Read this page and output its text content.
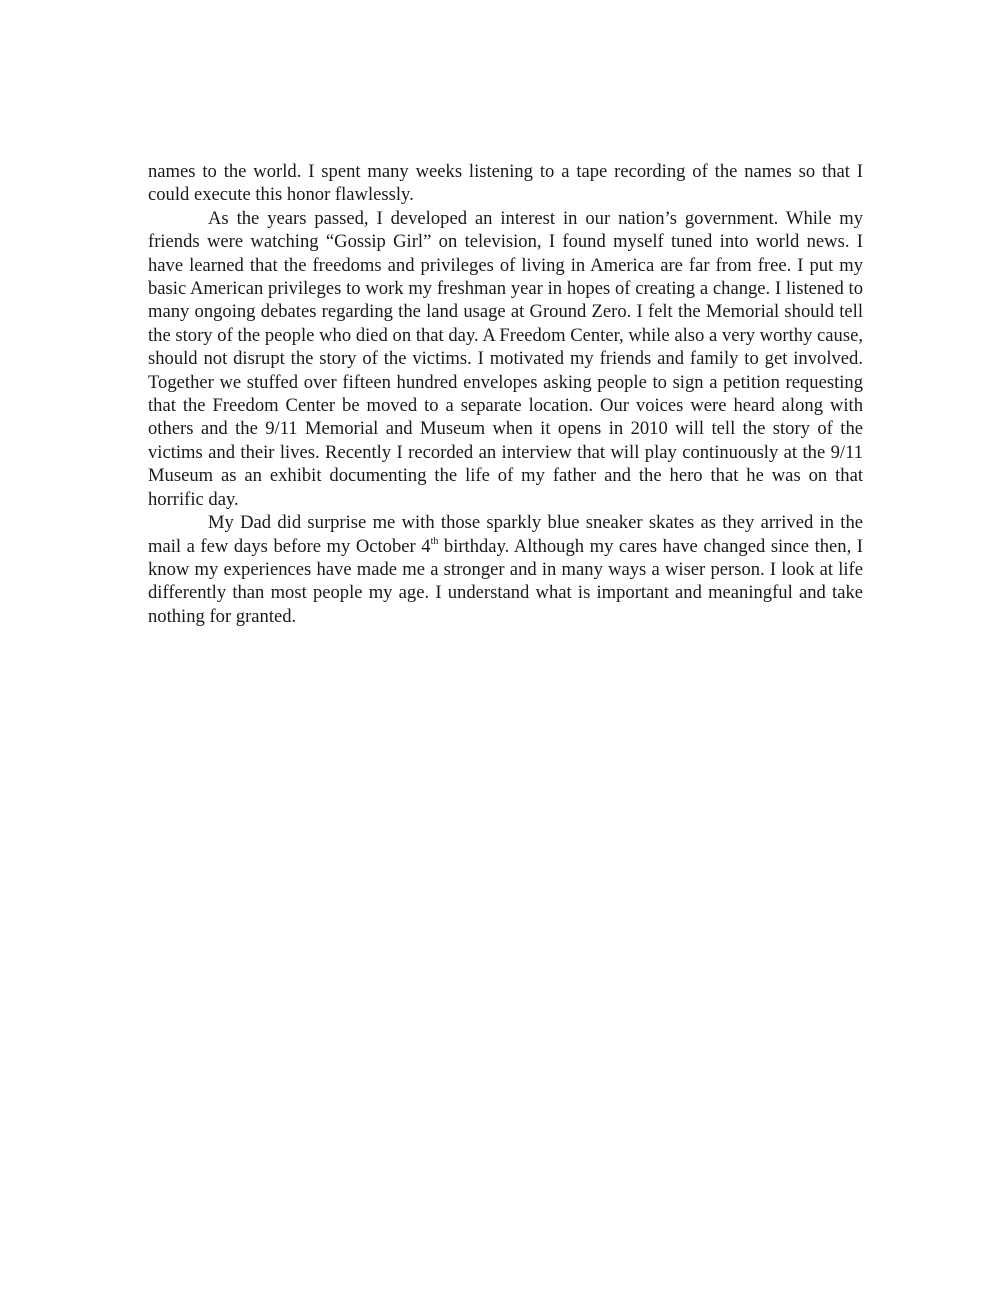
names to the world. I spent many weeks listening to a tape recording of the names so that I could execute this honor flawlessly.

As the years passed, I developed an interest in our nation’s government. While my friends were watching “Gossip Girl” on television, I found myself tuned into world news. I have learned that the freedoms and privileges of living in America are far from free. I put my basic American privileges to work my freshman year in hopes of creating a change. I listened to many ongoing debates regarding the land usage at Ground Zero. I felt the Memorial should tell the story of the people who died on that day. A Freedom Center, while also a very worthy cause, should not disrupt the story of the victims. I motivated my friends and family to get involved. Together we stuffed over fifteen hundred envelopes asking people to sign a petition requesting that the Freedom Center be moved to a separate location. Our voices were heard along with others and the 9/11 Memorial and Museum when it opens in 2010 will tell the story of the victims and their lives. Recently I recorded an interview that will play continuously at the 9/11 Museum as an exhibit documenting the life of my father and the hero that he was on that horrific day.

My Dad did surprise me with those sparkly blue sneaker skates as they arrived in the mail a few days before my October 4th birthday. Although my cares have changed since then, I know my experiences have made me a stronger and in many ways a wiser person. I look at life differently than most people my age. I understand what is important and meaningful and take nothing for granted.
